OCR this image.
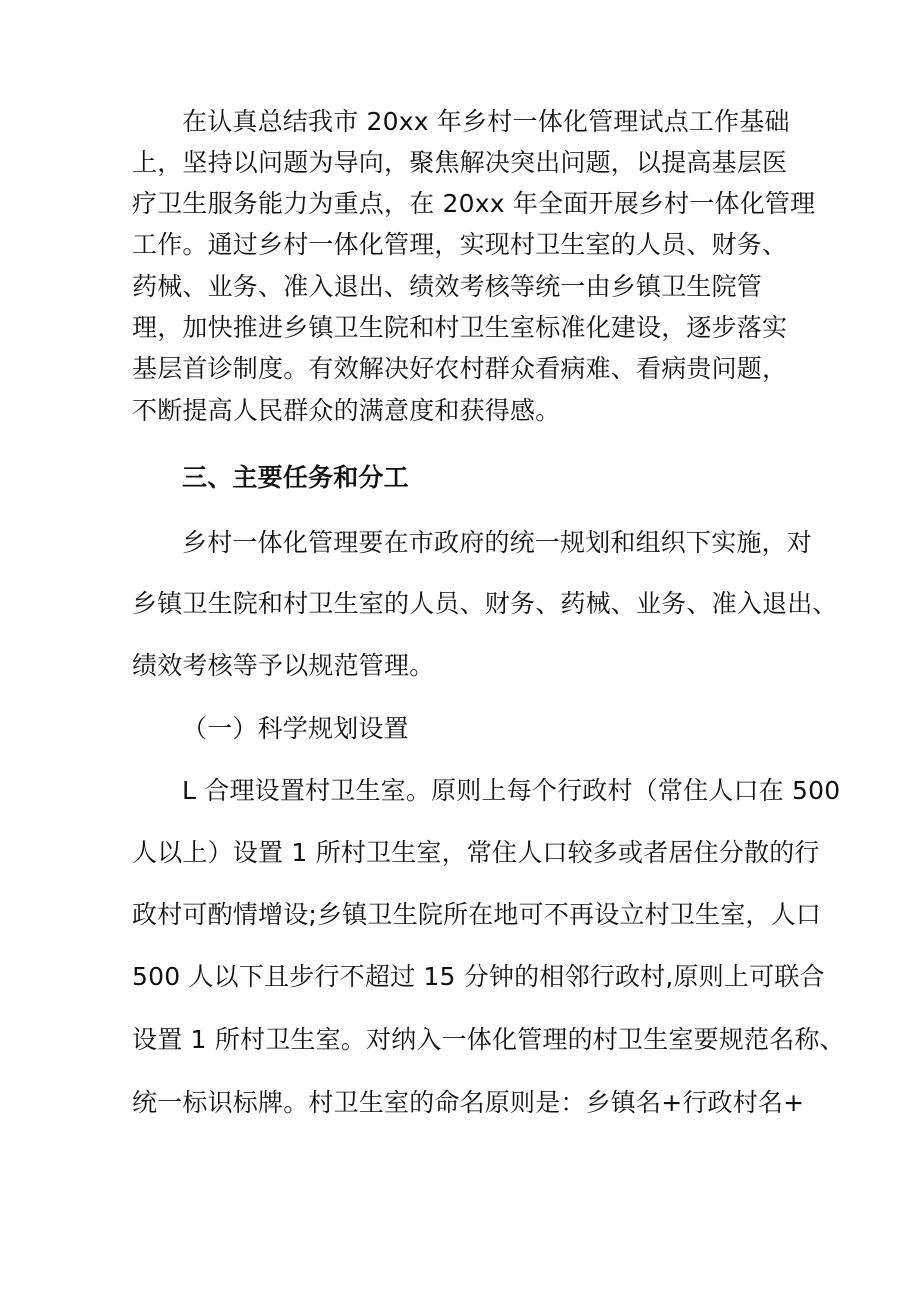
在认真总结我市 20xx 年乡村一体化管理试点工作基础
上，坚持以问题为导向，聚焦解决突出问题，以提高基层医
疗卫生服务能力为重点，在 20xx 年全面开展乡村一体化管理
工作。通过乡村一体化管理，实现村卫生室的人员、财务、
药械、业务、准入退出、绩效考核等统一由乡镇卫生院管
理，加快推进乡镇卫生院和村卫生室标准化建设，逐步落实
基层首诊制度。有效解决好农村群众看病难、看病贵问题，
不断提高人民群众的满意度和获得感。
三、主要任务和分工
乡村一体化管理要在市政府的统一规划和组织下实施，对
乡镇卫生院和村卫生室的人员、财务、药械、业务、准入退出、
绩效考核等予以规范管理。
（一）科学规划设置
L 合理设置村卫生室。原则上每个行政村（常住人口在 500
人以上）设置 1 所村卫生室，常住人口较多或者居住分散的行
政村可酌情增设;乡镇卫生院所在地可不再设立村卫生室，人口
500 人以下且步行不超过 15 分钟的相邻行政村,原则上可联合
设置 1 所村卫生室。对纳入一体化管理的村卫生室要规范名称、
统一标识标牌。村卫生室的命名原则是：乡镇名+行政村名+
